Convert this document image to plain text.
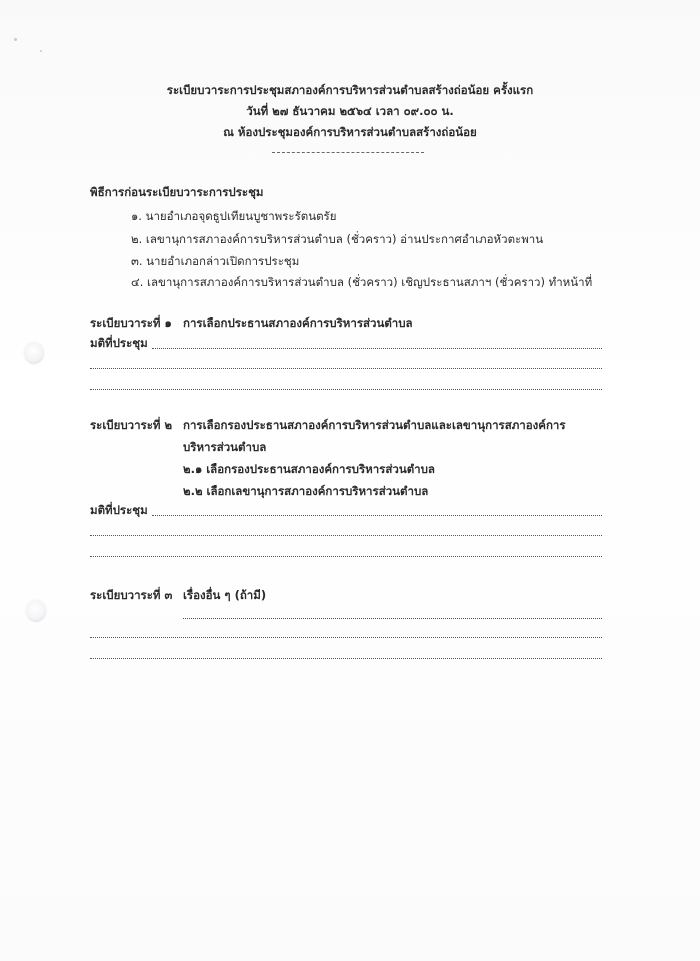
ระเบียบวาระการประชุมสภาองค์การบริหารส่วนตำบลสร้างถ่อน้อย ครั้งแรก
วันที่ ๒๗ ธันวาคม ๒๕๖๔ เวลา ๐๙.๐๐ น.
ณ ห้องประชุมองค์การบริหารส่วนตำบลสร้างถ่อน้อย
พิธีการก่อนระเบียบวาระการประชุม
๑. นายอำเภอจุดธูปเทียนบูชาพระรัตนตรัย
๒. เลขานุการสภาองค์การบริหารส่วนตำบล (ชั่วคราว) อ่านประกาศอำเภอหัวตะพาน
๓. นายอำเภอกล่าวเปิดการประชุม
๔. เลขานุการสภาองค์การบริหารส่วนตำบล (ชั่วคราว) เชิญประธานสภาฯ (ชั่วคราว) ทำหน้าที่
ระเบียบวาระที่ ๑ การเลือกประธานสภาองค์การบริหารส่วนตำบล
มติที่ประชุม
ระเบียบวาระที่ ๒ การเลือกรองประธานสภาองค์การบริหารส่วนตำบลและเลขานุการสภาองค์การ
บริหารส่วนตำบล
๒.๑ เลือกรองประธานสภาองค์การบริหารส่วนตำบล
๒.๒ เลือกเลขานุการสภาองค์การบริหารส่วนตำบล
มติที่ประชุม
ระเบียบวาระที่ ๓ เรื่องอื่น ๆ (ถ้ามี)
